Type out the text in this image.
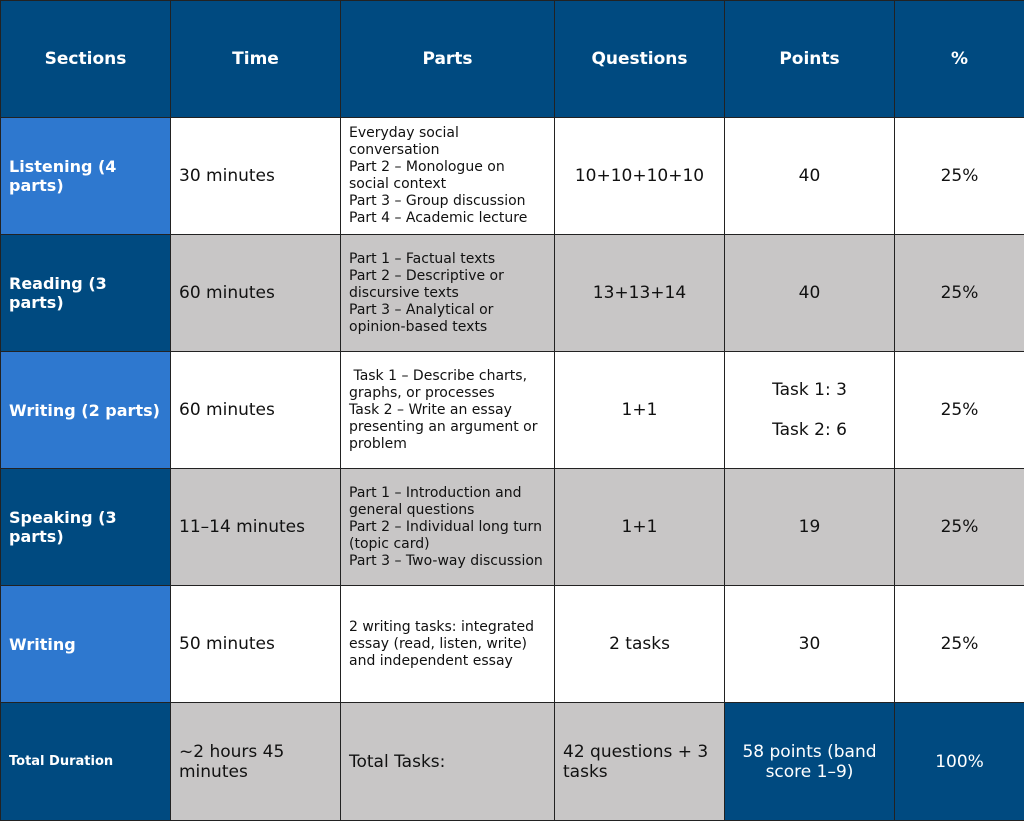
Sections	Time	Parts	Questions	Points	%
Listening (4 parts)	30 minutes	Everyday social conversation
Part 2 – Monologue on social context
Part 3 – Group discussion
Part 4 – Academic lecture	10+10+10+10	40	25%
Reading (3 parts)	60 minutes	Part 1 – Factual texts
Part 2 – Descriptive or discursive texts
Part 3 – Analytical or opinion-based texts	13+13+14	40	25%
Writing (2 parts)	60 minutes	Task 1 – Describe charts, graphs, or processes
Task 2 – Write an essay presenting an argument or problem	1+1	Task 1: 3
Task 2: 6	25%
Speaking (3 parts)	11–14 minutes	Part 1 – Introduction and general questions
Part 2 – Individual long turn (topic card)
Part 3 – Two-way discussion	1+1	19	25%
Writing	50 minutes	2 writing tasks: integrated essay (read, listen, write) and independent essay	2 tasks	30	25%
Total Duration	~2 hours 45 minutes	Total Tasks:	42 questions + 3 tasks	58 points (band score 1–9)	100%
